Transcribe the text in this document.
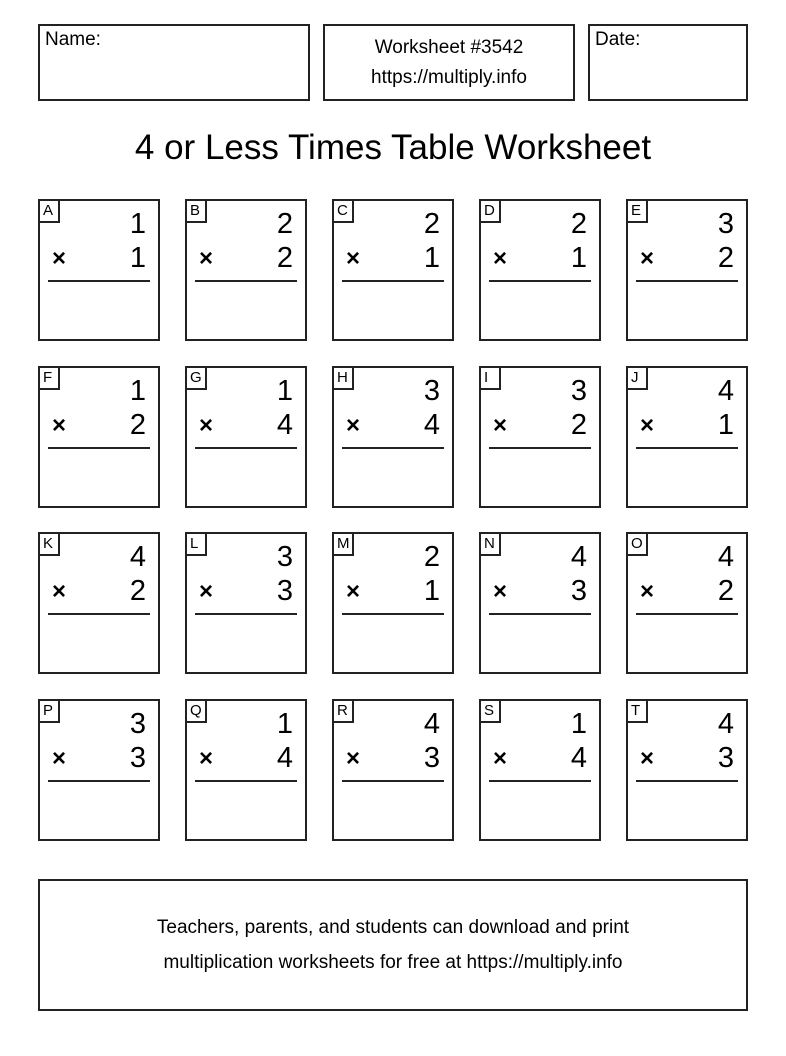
Name:	Worksheet #3542
https://multiply.info
Date:
4 or Less Times Table Worksheet
A	1
× 1
B	2
× 2
C	2
× 1
D	2
× 1
E	3
× 2
F	1
× 2
G	1
× 4
H	3
× 4
I	3
× 2
J	4
× 1
K	4
× 2
L	3
× 3
M	2
× 1
N	4
× 3
O	4
× 2
P	3
× 3
Q	1
× 4
R	4
× 3
S	1
× 4
T	4
× 3

Teachers, parents, and students can download and print

multiplication worksheets for free at https://multiply.info
